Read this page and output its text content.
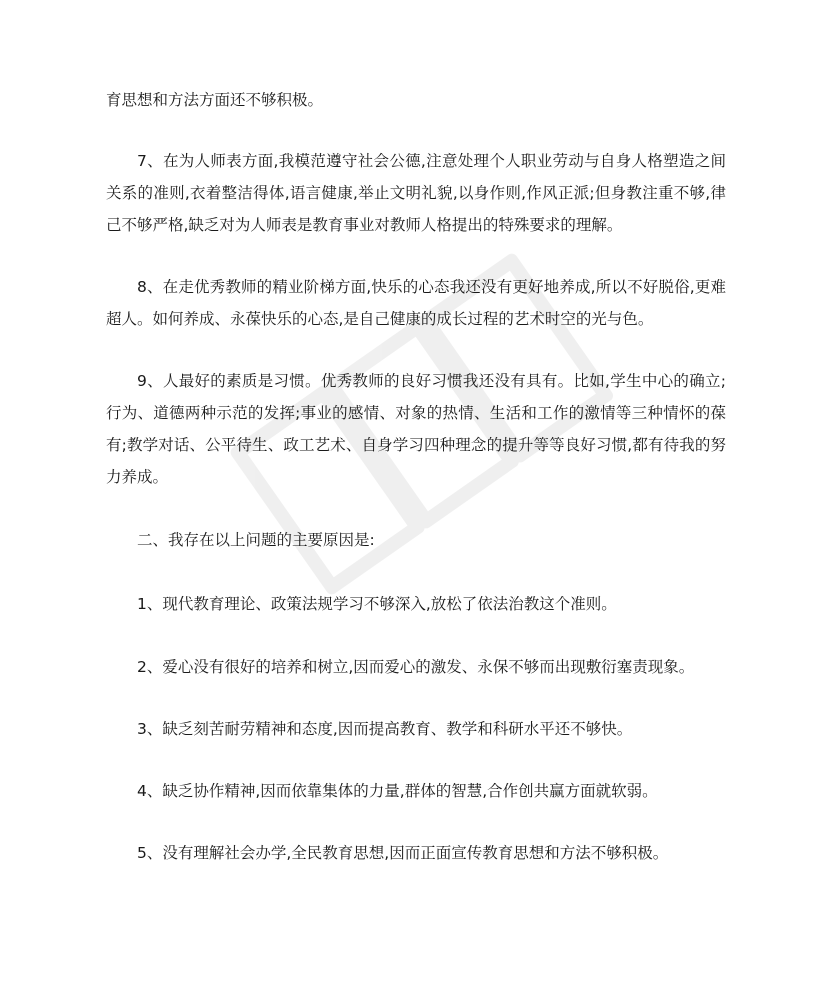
育思想和方法方面还不够积极。

7、在为人师表方面,我模范遵守社会公德,注意处理个人职业劳动与自身人格塑造之间关系的准则,衣着整洁得体,语言健康,举止文明礼貌,以身作则,作风正派;但身教注重不够,律己不够严格,缺乏对为人师表是教育事业对教师人格提出的特殊要求的理解。

8、在走优秀教师的精业阶梯方面,快乐的心态我还没有更好地养成,所以不好脱俗,更难超人。如何养成、永葆快乐的心态,是自己健康的成长过程的艺术时空的光与色。

9、人最好的素质是习惯。优秀教师的良好习惯我还没有具有。比如,学生中心的确立;行为、道德两种示范的发挥;事业的感情、对象的热情、生活和工作的激情等三种情怀的葆有;教学对话、公平待生、政工艺术、自身学习四种理念的提升等等良好习惯,都有待我的努力养成。

二、我存在以上问题的主要原因是:

1、现代教育理论、政策法规学习不够深入,放松了依法治教这个准则。

2、爱心没有很好的培养和树立,因而爱心的激发、永保不够而出现敷衍塞责现象。

3、缺乏刻苦耐劳精神和态度,因而提高教育、教学和科研水平还不够快。

4、缺乏协作精神,因而依靠集体的力量,群体的智慧,合作创共赢方面就软弱。

5、没有理解社会办学,全民教育思想,因而正面宣传教育思想和方法不够积极。
